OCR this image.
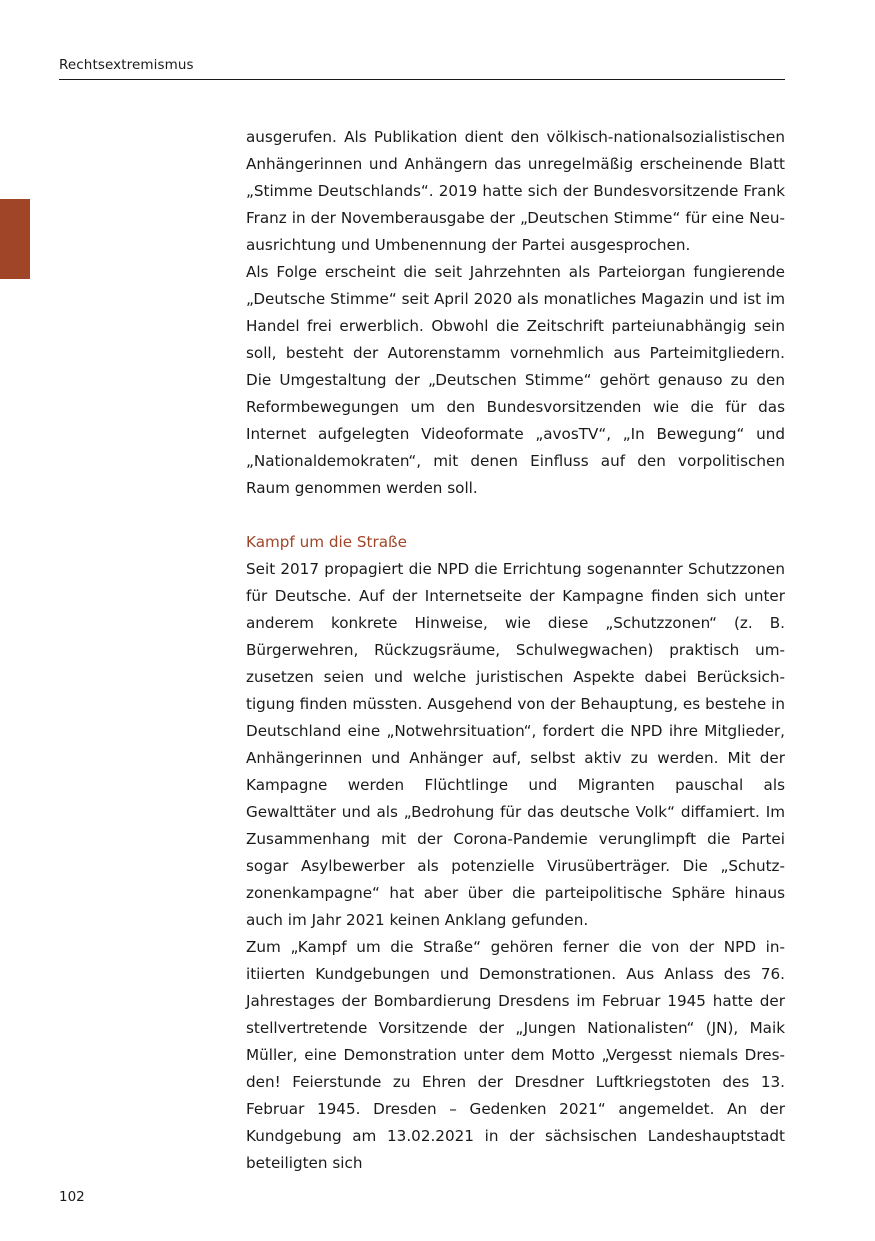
Rechtsextremismus

ausgerufen. Als Publikation dient den völkisch-nationalsozialistischen Anhängerinnen und Anhängern das unregelmäßig erscheinende Blatt „Stimme Deutschlands“. 2019 hatte sich der Bundesvorsitzende Frank Franz in der Novemberausgabe der „Deutschen Stimme“ für eine Neuausrichtung und Umbenennung der Partei ausgesprochen.

Als Folge erscheint die seit Jahrzehnten als Parteiorgan fungierende „Deutsche Stimme“ seit April 2020 als monatliches Magazin und ist im Handel frei erwerblich. Obwohl die Zeitschrift parteiunabhängig sein soll, besteht der Autorenstamm vornehmlich aus Parteimitgliedern. Die Umgestaltung der „Deutschen Stimme“ gehört genauso zu den Reformbewegungen um den Bundesvorsitzenden wie die für das Internet aufgelegten Videoformate „avosTV“, „In Bewegung“ und „Nationaldemokraten“, mit denen Einfluss auf den vorpolitischen Raum genommen werden soll.

Kampf um die Straße

Seit 2017 propagiert die NPD die Errichtung sogenannter Schutzzonen für Deutsche. Auf der Internetseite der Kampagne finden sich unter anderem konkrete Hinweise, wie diese „Schutzzonen“ (z. B. Bürgerwehren, Rückzugsräume, Schulwegwachen) praktisch umzusetzen seien und welche juristischen Aspekte dabei Berücksichtigung finden müssten. Ausgehend von der Behauptung, es bestehe in Deutschland eine „Notwehrsituation“, fordert die NPD ihre Mitglieder, Anhängerinnen und Anhänger auf, selbst aktiv zu werden. Mit der Kampagne werden Flüchtlinge und Migranten pauschal als Gewalttäter und als „Bedrohung für das deutsche Volk“ diffamiert. Im Zusammenhang mit der Corona-Pandemie verunglimpft die Partei sogar Asylbewerber als potenzielle Virusüberträger. Die „Schutzzonenkampagne“ hat aber über die parteipolitische Sphäre hinaus auch im Jahr 2021 keinen Anklang gefunden.

Zum „Kampf um die Straße“ gehören ferner die von der NPD initiierten Kundgebungen und Demonstrationen. Aus Anlass des 76. Jahrestages der Bombardierung Dresdens im Februar 1945 hatte der stellvertretende Vorsitzende der „Jungen Nationalisten“ (JN), Maik Müller, eine Demonstration unter dem Motto „Vergesst niemals Dresden! Feierstunde zu Ehren der Dresdner Luftkriegstoten des 13. Februar 1945. Dresden – Gedenken 2021“ angemeldet. An der Kundgebung am 13.02.2021 in der sächsischen Landeshauptstadt beteiligten sich

102
